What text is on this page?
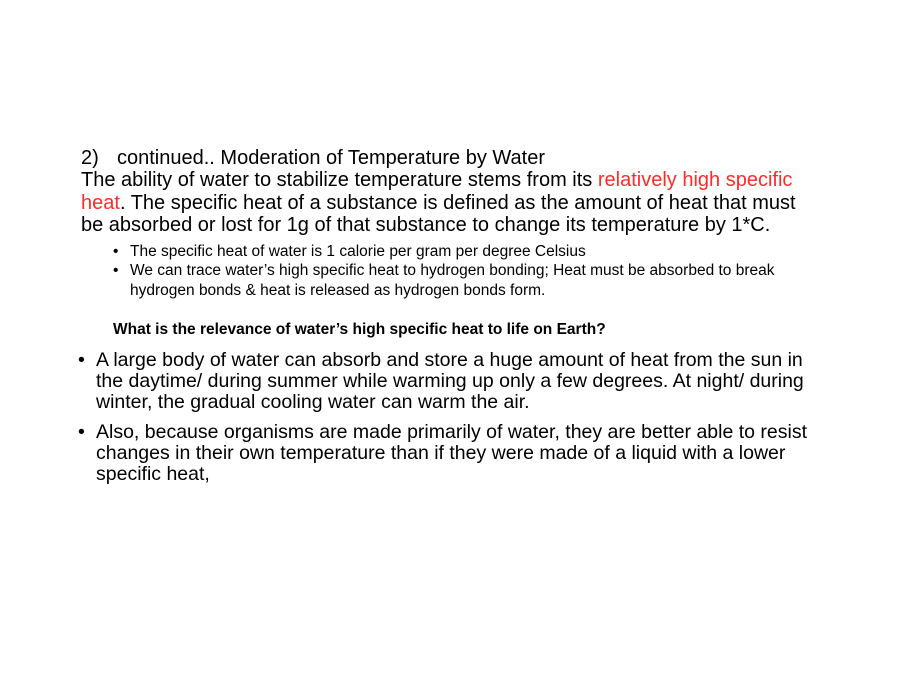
2) continued.. Moderation of Temperature by Water
The ability of water to stabilize temperature stems from its relatively high specific heat. The specific heat of a substance is defined as the amount of heat that must be absorbed or lost for 1g of that substance to change its temperature by 1*C.
• The specific heat of water is 1 calorie per gram per degree Celsius
• We can trace water’s high specific heat to hydrogen bonding; Heat must be absorbed to break hydrogen bonds & heat is released as hydrogen bonds form.
What is the relevance of water’s high specific heat to life on Earth?
• A large body of water can absorb and store a huge amount of heat from the sun in the daytime/ during summer while warming up only a few degrees. At night/ during winter, the gradual cooling water can warm the air.
• Also, because organisms are made primarily of water, they are better able to resist changes in their own temperature than if they were made of a liquid with a lower specific heat,
